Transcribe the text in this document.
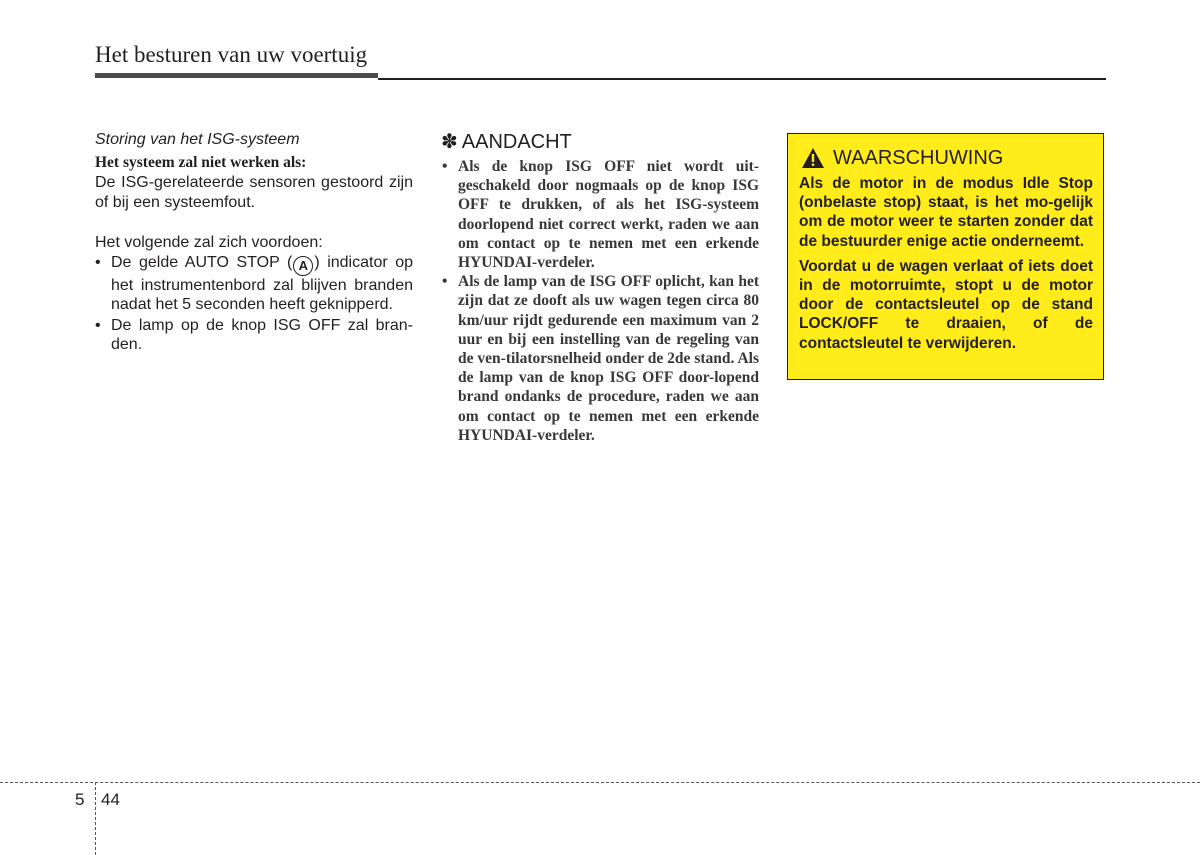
Het besturen van uw voertuig
Storing van het ISG-systeem
Het systeem zal niet werken als:
De ISG-gerelateerde sensoren gestoord zijn of bij een systeemfout.
Het volgende zal zich voordoen:
• De gelde AUTO STOP ( A ) indicator op het instrumentenbord zal blijven branden nadat het 5 seconden heeft geknipperd.
• De lamp op de knop ISG OFF zal bran-den.
✽ AANDACHT
• Als de knop ISG OFF niet wordt uit-geschakeld door nogmaals op de knop ISG OFF te drukken, of als het ISG-systeem doorlopend niet correct werkt, raden we aan om contact op te nemen met een erkende HYUNDAI-verdeler.
• Als de lamp van de ISG OFF oplicht, kan het zijn dat ze dooft als uw wagen tegen circa 80 km/uur rijdt gedurende een maximum van 2 uur en bij een instelling van de regeling van de ven-tilatorsnelheid onder de 2de stand. Als de lamp van de knop ISG OFF door-lopend brand ondanks de procedure, raden we aan om contact op te nemen met een erkende HYUNDAI-verdeler.
WAARSCHUWING

Als de motor in de modus Idle Stop (onbelaste stop) staat, is het mo-gelijk om de motor weer te starten zonder dat de bestuurder enige actie onderneemt.

Voordat u de wagen verlaat of iets doet in de motorruimte, stopt u de motor door de contactsleutel op de stand LOCK/OFF te draaien, of de contactsleutel te verwijderen.

5 44
